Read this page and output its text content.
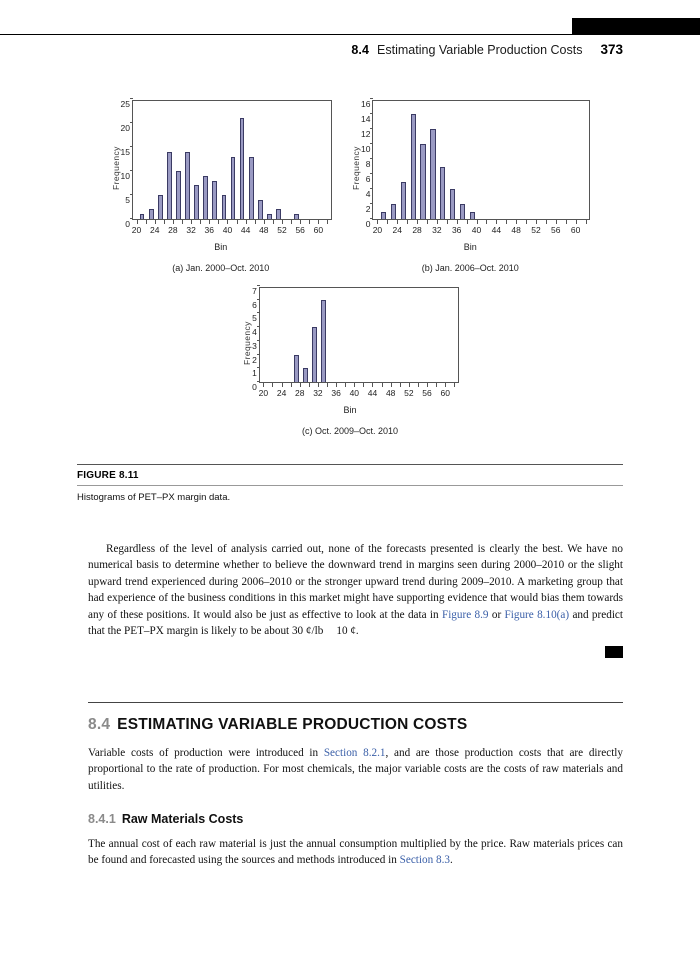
8.4 Estimating Variable Production Costs 373
Frequency
25
20
15
10
5
0
20 24 28 32 36 40 44 48 52 56 60
Bin
(a) Jan. 2000–Oct. 2010
Frequency
16
14
12
10
8
6
4
2
0
20 24 28 32 36 40 44 48 52 56 60
Bin
(b) Jan. 2006–Oct. 2010
Frequency
7
6
5
4
3
2
1
0
20 24 28 32 36 40 44 48 52 56 60
Bin
(c) Oct. 2009–Oct. 2010
FIGURE 8.11
Histograms of PET–PX margin data.

Regardless of the level of analysis carried out, none of the forecasts presented is clearly the best. We have no numerical basis to determine whether to believe the downward trend in margins seen during 2000–2010 or the slight upward trend experienced during 2006–2010 or the stronger upward trend during 2009–2010. A marketing group that had experience of the business conditions in this market might have supporting evidence that would bias them towards any of these positions. It would also be just as effective to look at the data in Figure 8.9 or Figure 8.10(a) and predict that the PET–PX margin is likely to be about 30 ¢/lb 10 ¢.

8.4 ESTIMATING VARIABLE PRODUCTION COSTS

Variable costs of production were introduced in Section 8.2.1, and are those production costs that are directly proportional to the rate of production. For most chemicals, the major variable costs are the costs of raw materials and utilities.

8.4.1 Raw Materials Costs

The annual cost of each raw material is just the annual consumption multiplied by the price. Raw materials prices can be found and forecasted using the sources and methods introduced in Section 8.3.
